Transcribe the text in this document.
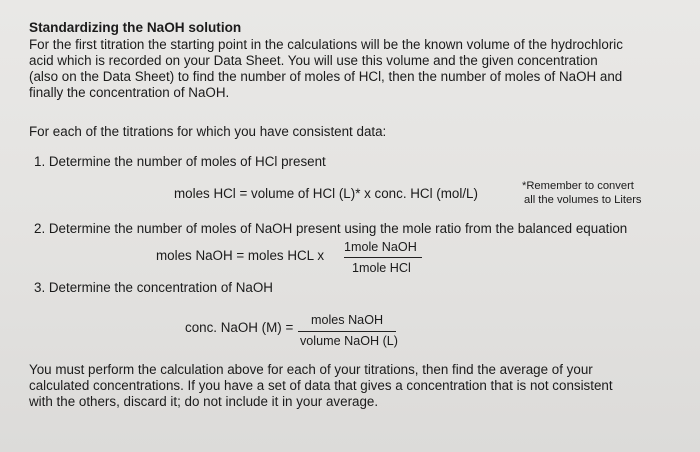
Standardizing the NaOH solution
For the first titration the starting point in the calculations will be the known volume of the hydrochloric
acid which is recorded on your Data Sheet. You will use this volume and the given concentration
(also on the Data Sheet) to find the number of moles of HCl, then the number of moles of NaOH and
finally the concentration of NaOH.
For each of the titrations for which you have consistent data:
1. Determine the number of moles of HCl present
moles HCl = volume of HCl (L)* x conc. HCl (mol/L)	*Remember to convert
all the volumes to Liters
2. Determine the number of moles of NaOH present using the mole ratio from the balanced equation
moles NaOH = moles HCL x
1mole NaOH
1mole HCl
3. Determine the concentration of NaOH
conc. NaOH (M) = moles NaOH
volume NaOH (L)
You must perform the calculation above for each of your titrations, then find the average of your
calculated concentrations. If you have a set of data that gives a concentration that is not consistent
with the others, discard it; do not include it in your average.
